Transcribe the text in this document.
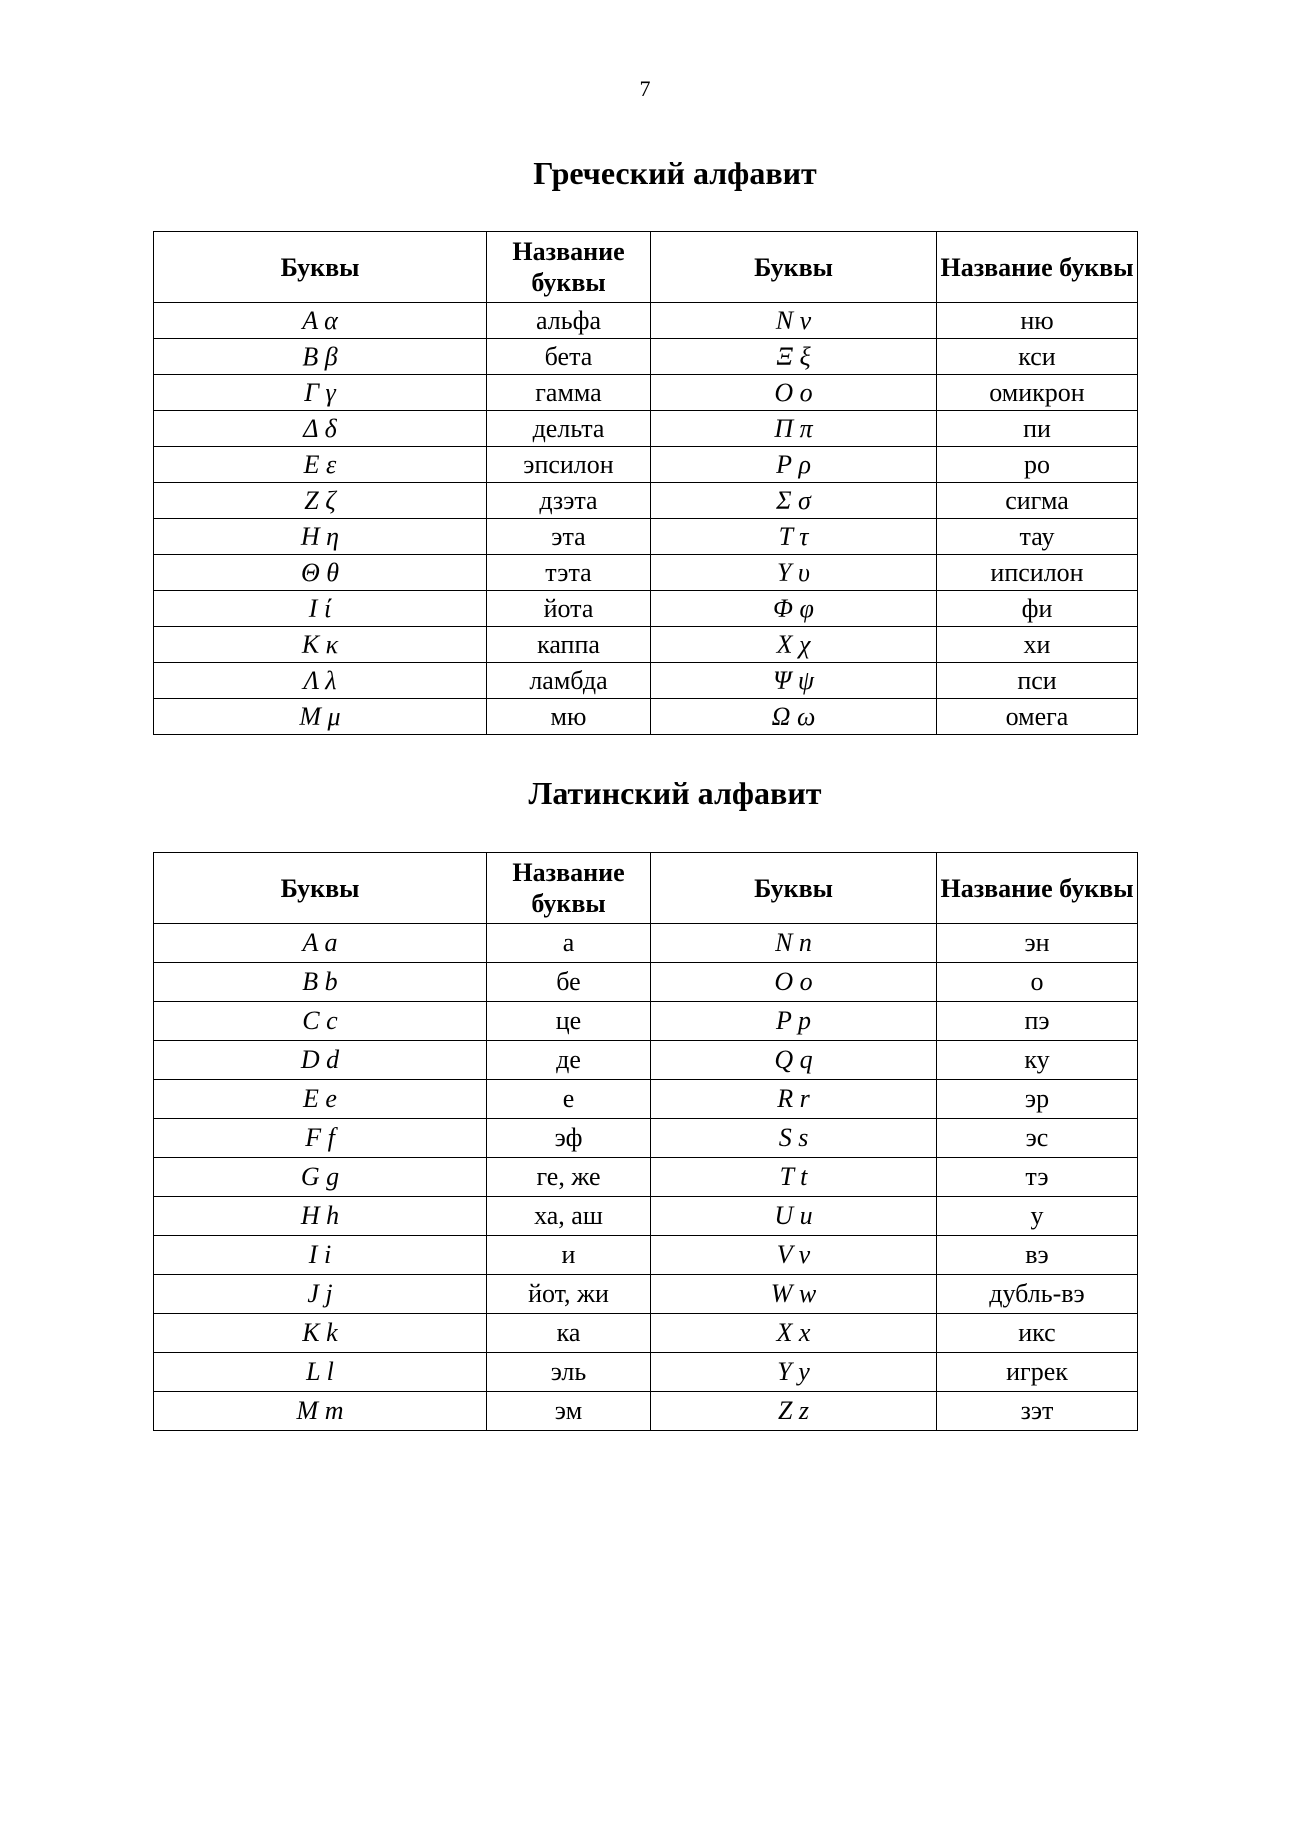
7
Греческий алфавит
Буквы	Название буквы	Буквы	Название буквы
Α α	альфа	Ν ν	ню
Β β	бета	Ξ ξ	кси
Γ γ	гамма	Ο ο	омикрон
Δ δ	дельта	Π π	пи
Ε ε	эпсилон	Ρ ρ	ро
Ζ ζ	дзэта	Σ σ	сигма
Η η	эта	Τ τ	тау
Θ θ	тэта	Υ υ	ипсилон
Ι ί	йота	Φ φ	фи
Κ κ	каппа	Χ χ	хи
Λ λ	ламбда	Ψ ψ	пси
Μ μ	мю	Ω ω	омега
Латинский алфавит
Буквы	Название буквы	Буквы	Название буквы
A a	а	N n	эн
B b	бе	O o	о
C c	це	P p	пэ
D d	де	Q q	ку
E e	е	R r	эр
F f	эф	S s	эс
G g	ге, же	T t	тэ
H h	ха, аш	U u	у
I i	и	V v	вэ
J j	йот, жи	W w	дубль-вэ
K k	ка	X x	икс
L l	эль	Y y	игрек
M m	эм	Z z	зэт
